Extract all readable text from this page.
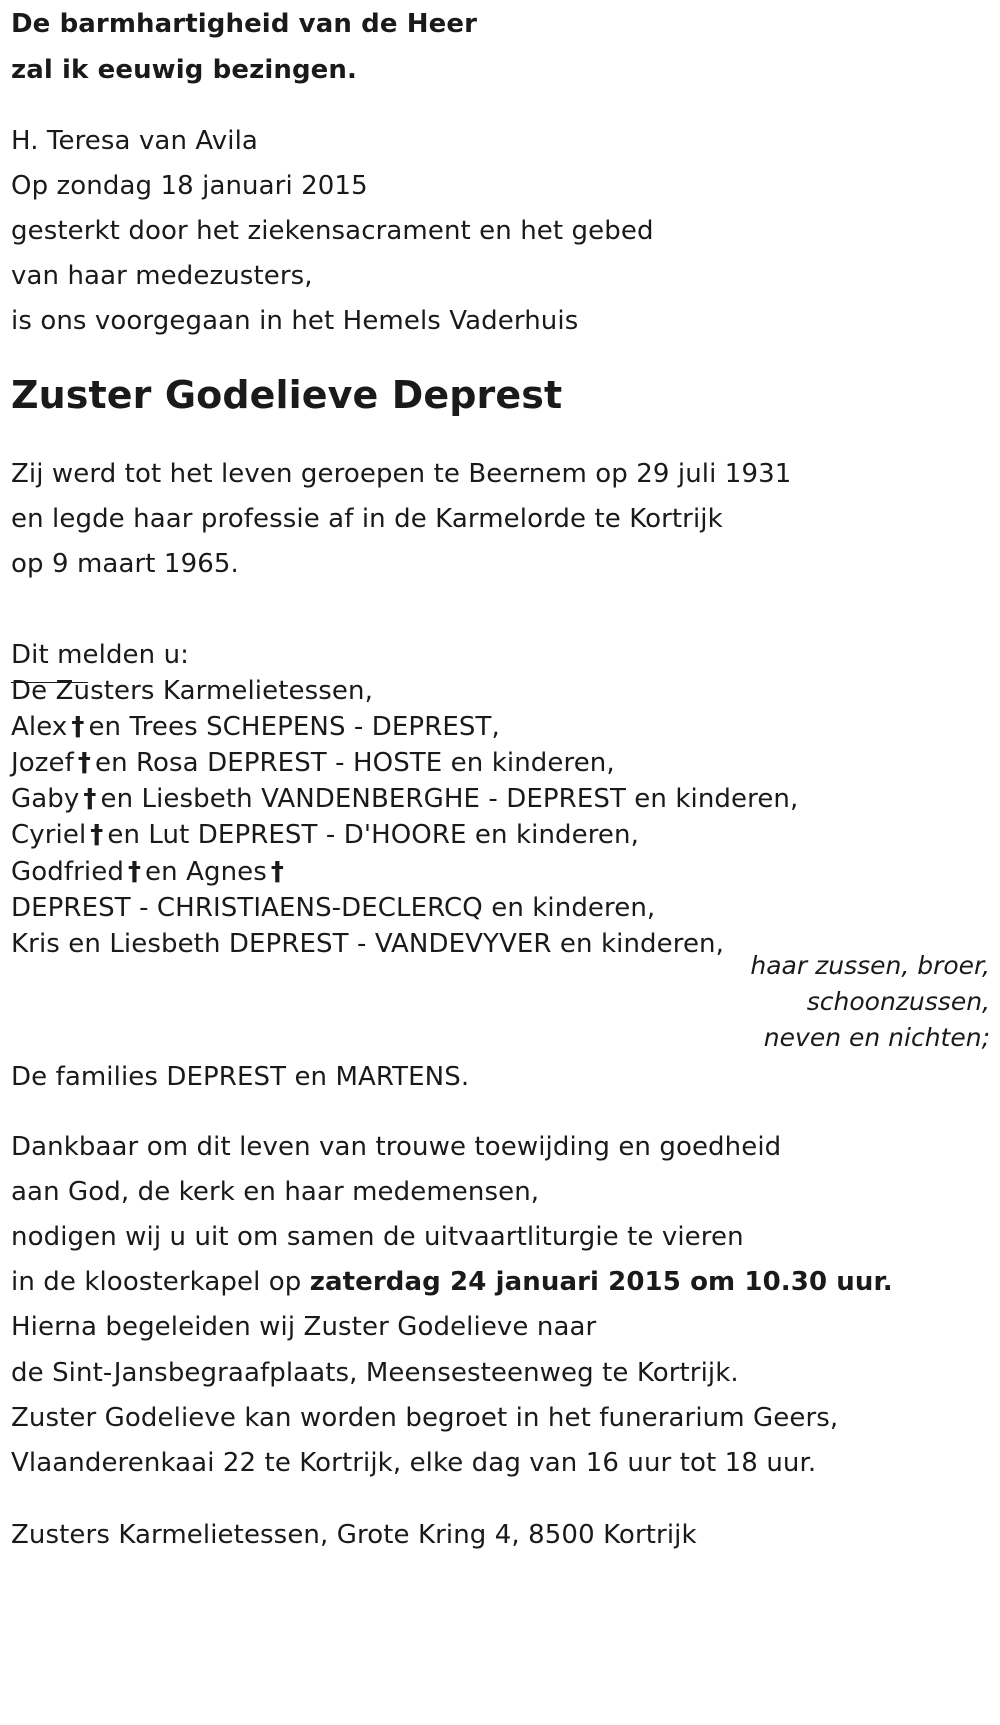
De barmhartigheid van de Heer
zal ik eeuwig bezingen.
H. Teresa van Avila
Op zondag 18 januari 2015
gesterkt door het ziekensacrament en het gebed
van haar medezusters,
is ons voorgegaan in het Hemels Vaderhuis
Zuster Godelieve Deprest
Zij werd tot het leven geroepen te Beernem op 29 juli 1931
en legde haar professie af in de Karmelorde te Kortrijk
op 9 maart 1965.
Dit melden u:
De Zusters Karmelietessen,
Alex † en Trees SCHEPENS - DEPREST,
Jozef † en Rosa DEPREST - HOSTE en kinderen,
Gaby † en Liesbeth VANDENBERGHE - DEPREST en kinderen,
Cyriel † en Lut DEPREST - D'HOORE en kinderen,
Godfried † en Agnes †
DEPREST - CHRISTIAENS-DECLERCQ en kinderen,
Kris en Liesbeth DEPREST - VANDEVYVER en kinderen,
haar zussen, broer,
schoonzussen,
neven en nichten;
De families DEPREST en MARTENS.
Dankbaar om dit leven van trouwe toewijding en goedheid
aan God, de kerk en haar medemensen,
nodigen wij u uit om samen de uitvaartliturgie te vieren
in de kloosterkapel op zaterdag 24 januari 2015 om 10.30 uur.
Hierna begeleiden wij Zuster Godelieve naar
de Sint-Jansbegraafplaats, Meensesteenweg te Kortrijk.
Zuster Godelieve kan worden begroet in het funerarium Geers,
Vlaanderenkaai 22 te Kortrijk, elke dag van 16 uur tot 18 uur.
Zusters Karmelietessen, Grote Kring 4, 8500 Kortrijk
